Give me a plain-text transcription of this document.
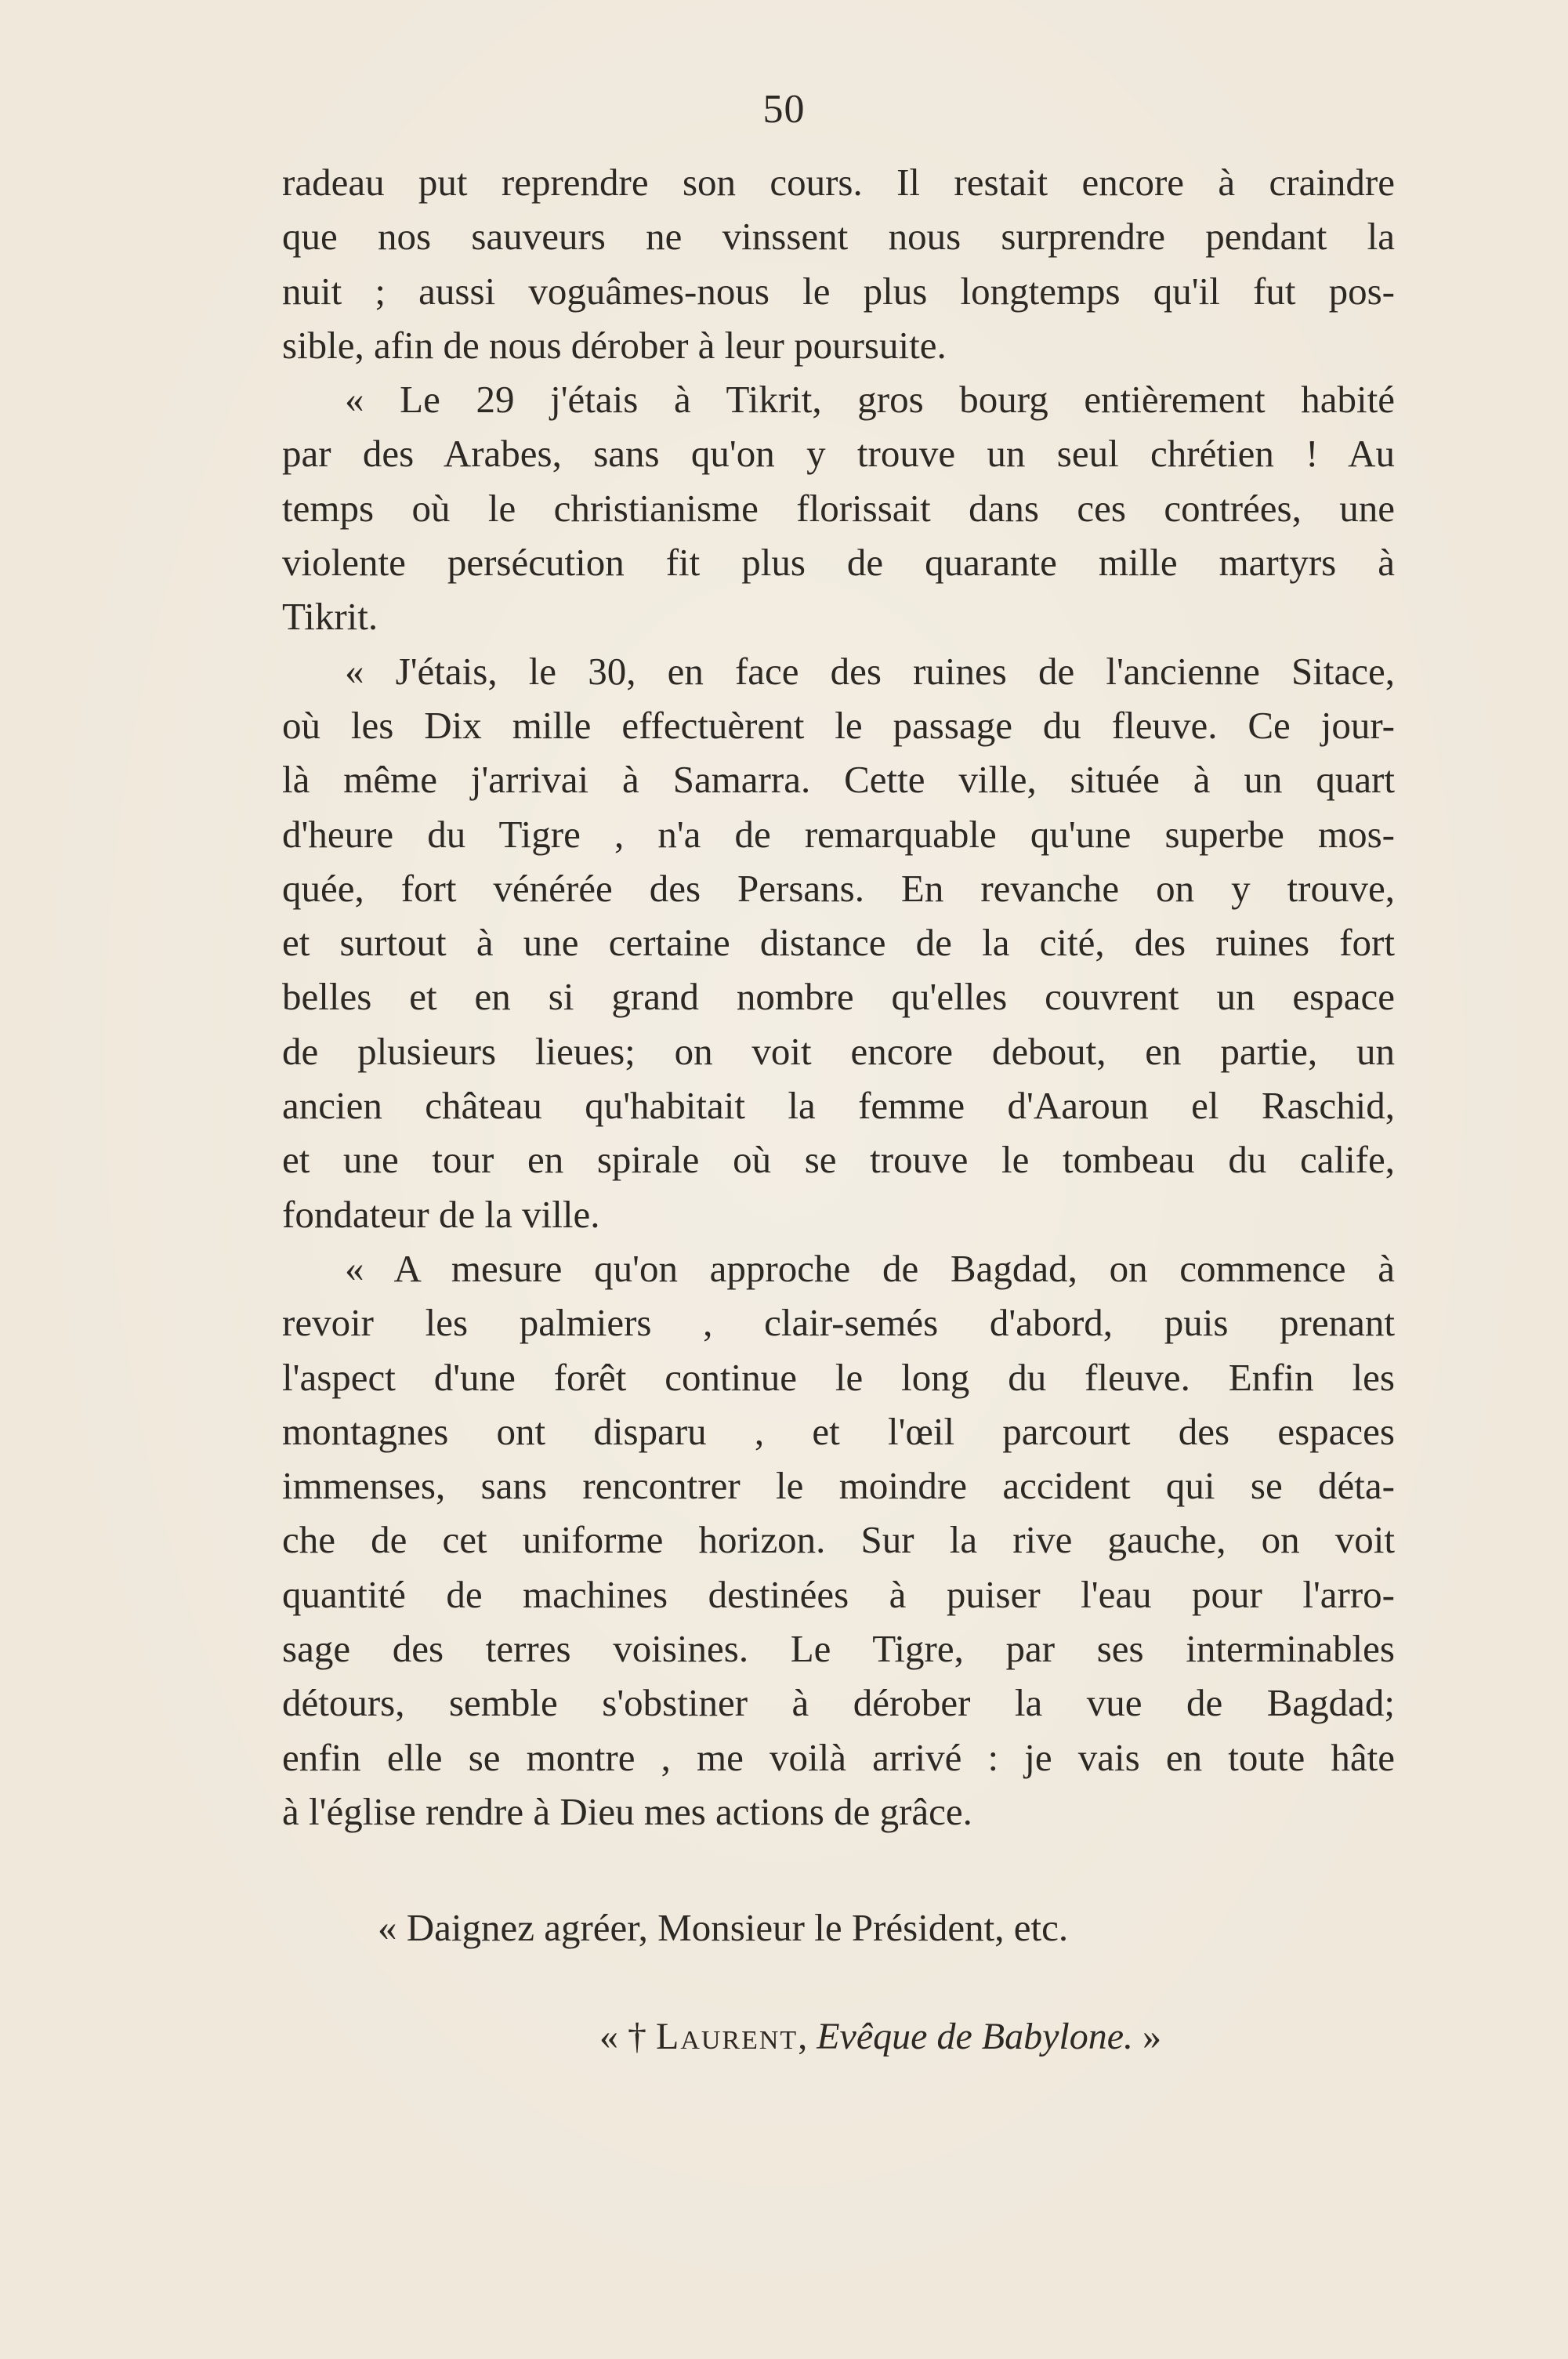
50
radeau put reprendre son cours. Il restait encore à craindre
que nos sauveurs ne vinssent nous surprendre pendant la
nuit ; aussi voguâmes-nous le plus longtemps qu'il fut pos-
sible, afin de nous dérober à leur poursuite.
« Le 29 j'étais à Tikrit, gros bourg entièrement habité
par des Arabes, sans qu'on y trouve un seul chrétien ! Au
temps où le christianisme florissait dans ces contrées, une
violente persécution fit plus de quarante mille martyrs à
Tikrit.
« J'étais, le 30, en face des ruines de l'ancienne Sitace,
où les Dix mille effectuèrent le passage du fleuve. Ce jour-
là même j'arrivai à Samarra. Cette ville, située à un quart
d'heure du Tigre , n'a de remarquable qu'une superbe mos-
quée, fort vénérée des Persans. En revanche on y trouve,
et surtout à une certaine distance de la cité, des ruines fort
belles et en si grand nombre qu'elles couvrent un espace
de plusieurs lieues; on voit encore debout, en partie, un
ancien château qu'habitait la femme d'Aaroun el Raschid,
et une tour en spirale où se trouve le tombeau du calife,
fondateur de la ville.
« A mesure qu'on approche de Bagdad, on commence à
revoir les palmiers , clair-semés d'abord, puis prenant
l'aspect d'une forêt continue le long du fleuve. Enfin les
montagnes ont disparu , et l'œil parcourt des espaces
immenses, sans rencontrer le moindre accident qui se déta-
che de cet uniforme horizon. Sur la rive gauche, on voit
quantité de machines destinées à puiser l'eau pour l'arro-
sage des terres voisines. Le Tigre, par ses interminables
détours, semble s'obstiner à dérober la vue de Bagdad;
enfin elle se montre , me voilà arrivé : je vais en toute hâte
à l'église rendre à Dieu mes actions de grâce.
« Daignez agréer, Monsieur le Président, etc.
« † Laurent, Evêque de Babylone. »
